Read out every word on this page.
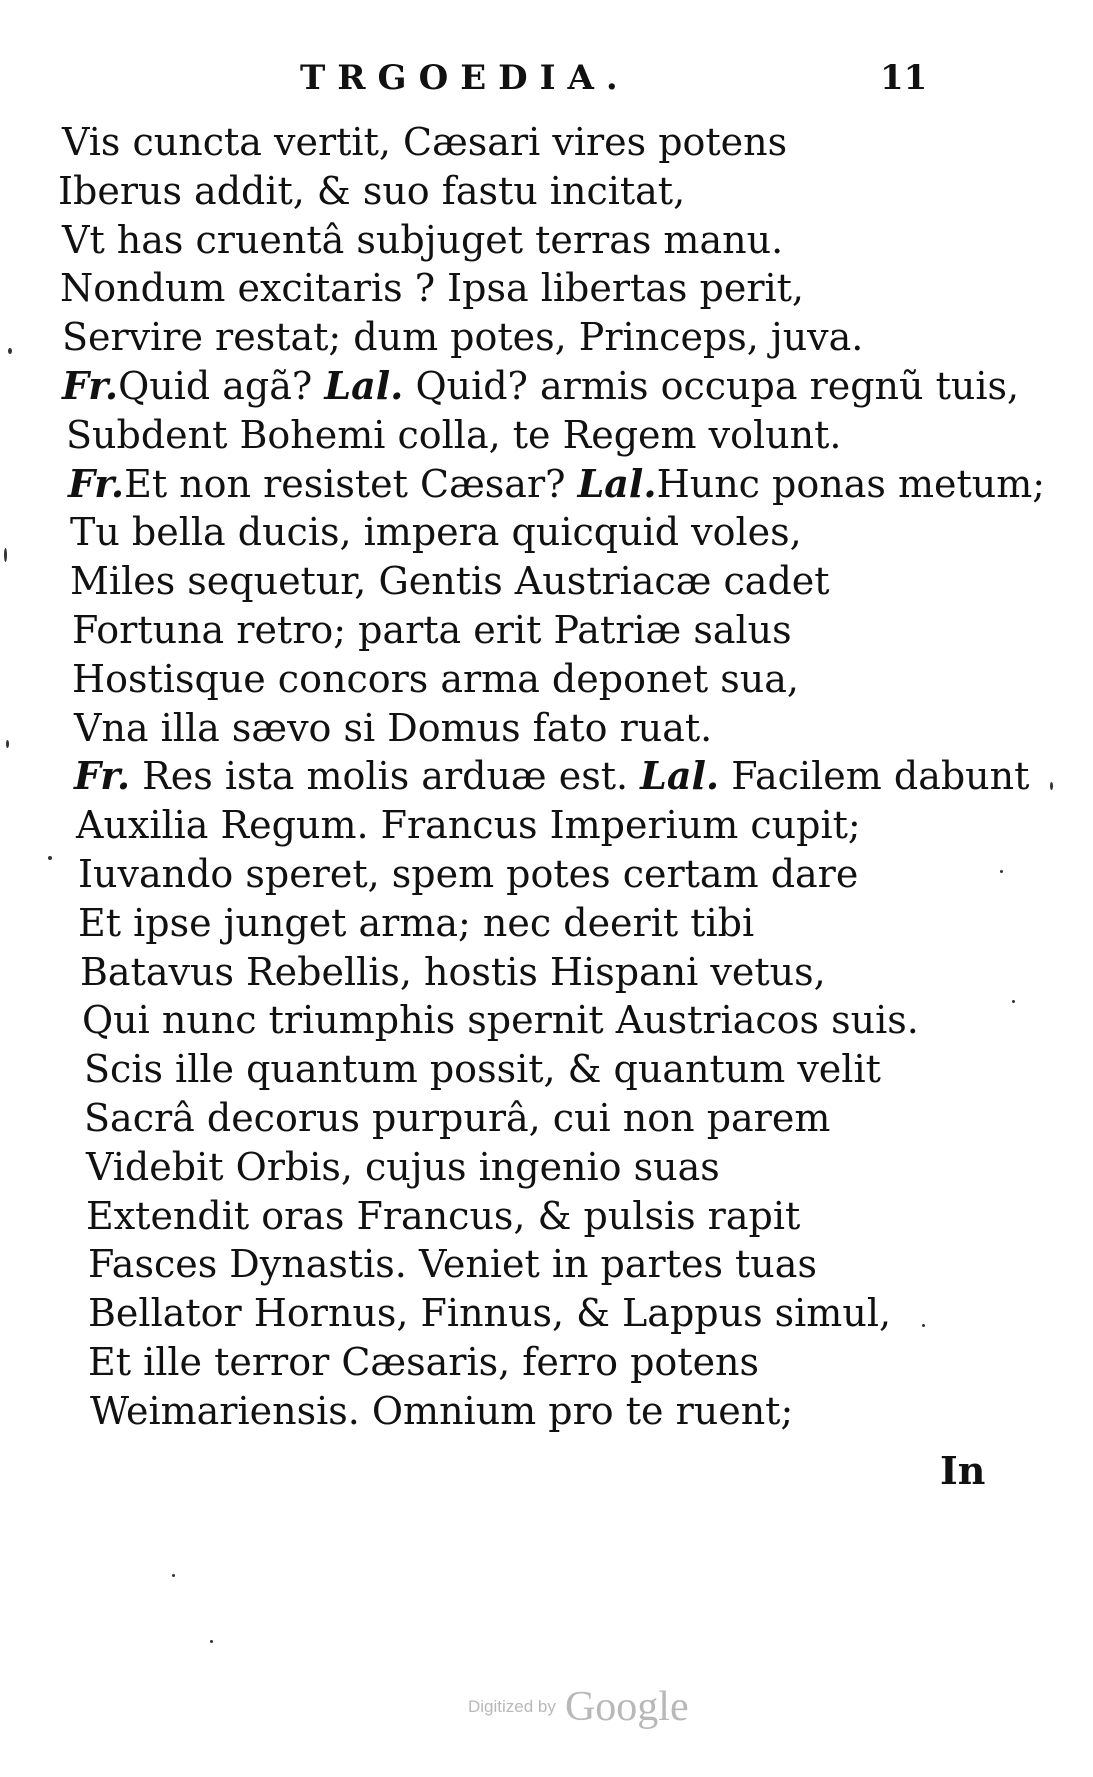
TRGOEDIA.	11
Vis cuncta vertit, Cæsari vires potens
Iberus addit, & suo fastu incitat,
Vt has cruentâ subjuget terras manu.
Nondum excitaris ? Ipsa libertas perit,
Servire restat; dum potes, Princeps, juva.
Fr.Quid agã? Lal. Quid? armis occupa regnũ tuis,
Subdent Bohemi colla, te Regem volunt.
Fr.Et non resistet Cæsar? Lal.Hunc ponas metum;
Tu bella ducis, impera quicquid voles,
Miles sequetur, Gentis Austriacæ cadet
Fortuna retro; parta erit Patriæ salus
Hostisque concors arma deponet sua,
Vna illa sævo si Domus fato ruat.
Fr. Res ista molis arduæ est. Lal. Facilem dabunt
Auxilia Regum. Francus Imperium cupit;
Iuvando speret, spem potes certam dare
Et ipse junget arma; nec deerit tibi
Batavus Rebellis, hostis Hispani vetus,
Qui nunc triumphis spernit Austriacos suis.
Scis ille quantum possit, & quantum velit
Sacrâ decorus purpurâ, cui non parem
Videbit Orbis, cujus ingenio suas
Extendit oras Francus, & pulsis rapit
Fasces Dynastis. Veniet in partes tuas
Bellator Hornus, Finnus, & Lappus simul,
Et ille terror Cæsaris, ferro potens
Weimariensis. Omnium pro te ruent;
In
Digitized by Google
